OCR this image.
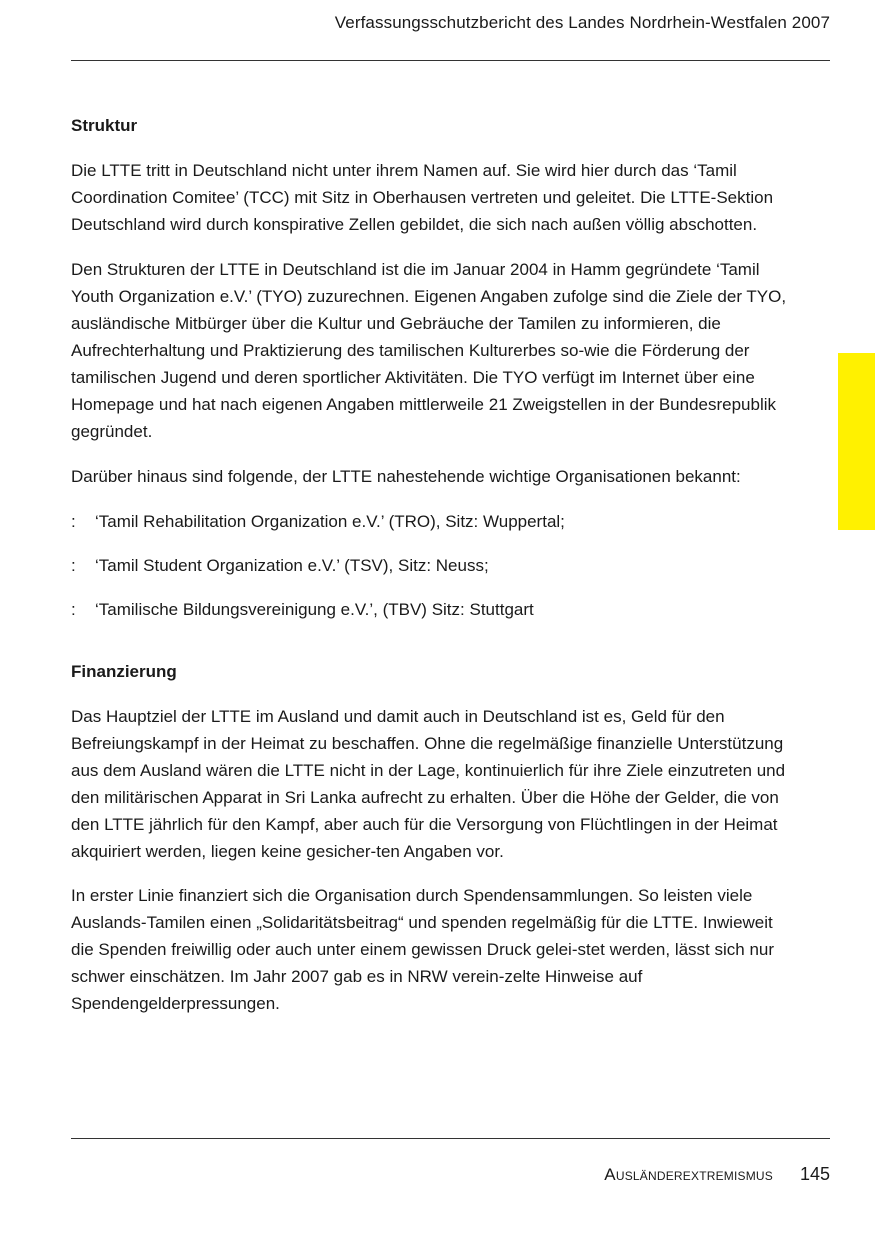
Verfassungsschutzbericht des Landes Nordrhein-Westfalen 2007
Struktur

Die LTTE tritt in Deutschland nicht unter ihrem Namen auf. Sie wird hier durch das ‘Tamil Coordination Comitee’ (TCC) mit Sitz in Oberhausen vertreten und geleitet. Die LTTE-Sektion Deutschland wird durch konspirative Zellen gebildet, die sich nach außen völlig abschotten.

Den Strukturen der LTTE in Deutschland ist die im Januar 2004 in Hamm gegründete ‘Tamil Youth Organization e.V.’ (TYO) zuzurechnen. Eigenen Angaben zufolge sind die Ziele der TYO, ausländische Mitbürger über die Kultur und Gebräuche der Tamilen zu informieren, die Aufrechterhaltung und Praktizierung des tamilischen Kulturerbes so-wie die Förderung der tamilischen Jugend und deren sportlicher Aktivitäten. Die TYO verfügt im Internet über eine Homepage und hat nach eigenen Angaben mittlerweile 21 Zweigstellen in der Bundesrepublik gegründet.

Darüber hinaus sind folgende, der LTTE nahestehende wichtige Organisationen bekannt:

: ‘Tamil Rehabilitation Organization e.V.’ (TRO), Sitz: Wuppertal;
: ‘Tamil Student Organization e.V.’ (TSV), Sitz: Neuss;
: ‘Tamilische Bildungsvereinigung e.V.’, (TBV) Sitz: Stuttgart
Finanzierung

Das Hauptziel der LTTE im Ausland und damit auch in Deutschland ist es, Geld für den Befreiungskampf in der Heimat zu beschaffen. Ohne die regelmäßige finanzielle Unterstützung aus dem Ausland wären die LTTE nicht in der Lage, kontinuierlich für ihre Ziele einzutreten und den militärischen Apparat in Sri Lanka aufrecht zu erhalten. Über die Höhe der Gelder, die von den LTTE jährlich für den Kampf, aber auch für die Versorgung von Flüchtlingen in der Heimat akquiriert werden, liegen keine gesicher-ten Angaben vor.

In erster Linie finanziert sich die Organisation durch Spendensammlungen. So leisten viele Auslands-Tamilen einen „Solidaritätsbeitrag“ und spenden regelmäßig für die LTTE. Inwieweit die Spenden freiwillig oder auch unter einem gewissen Druck gelei-stet werden, lässt sich nur schwer einschätzen. Im Jahr 2007 gab es in NRW verein-zelte Hinweise auf Spendengelderpressungen.

Ausländerextremismus 145
